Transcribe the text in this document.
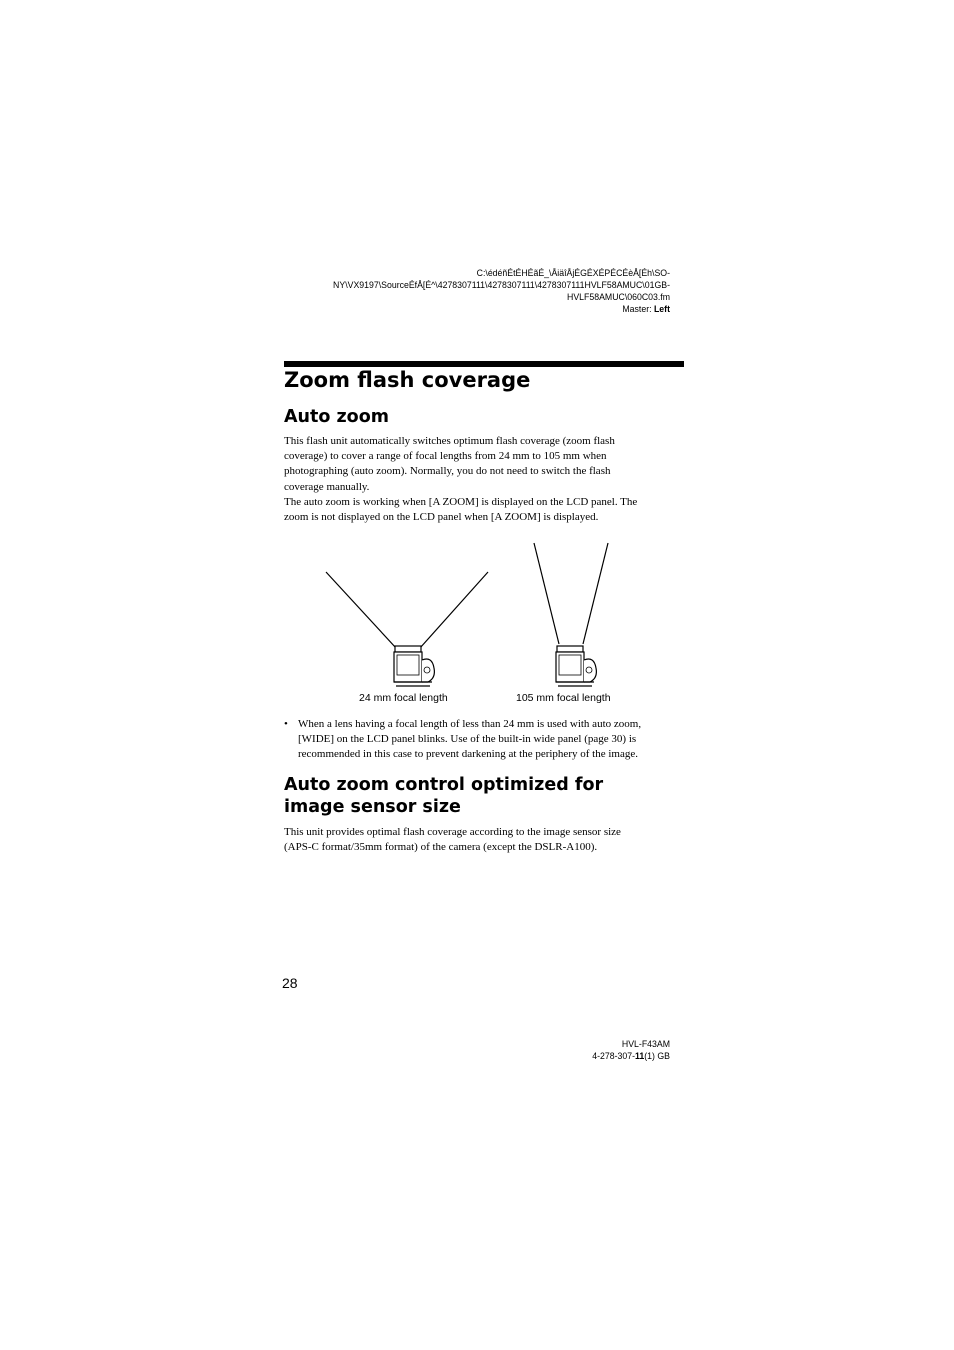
C:\édéñÉtÉHÉãÉ_\ÅiäîÅjÉGÉXÉPÉCÉèÅ[Éh\SO-
NY\VX9197\SourceÉfÅ[É^\4278307111\4278307111\4278307111HVLF58AMUC\01GB-
HVLF58AMUC\060C03.fm
Master: Left
Zoom flash coverage
Auto zoom
This flash unit automatically switches optimum flash coverage (zoom flash
coverage) to cover a range of focal lengths from 24 mm to 105 mm when
photographing (auto zoom). Normally, you do not need to switch the flash
coverage manually.
The auto zoom is working when [A ZOOM] is displayed on the LCD panel. The
zoom is not displayed on the LCD panel when [A ZOOM] is displayed.
24 mm focal length	105 mm focal length
• When a lens having a focal length of less than 24 mm is used with auto zoom,
[WIDE] on the LCD panel blinks. Use of the built-in wide panel (page 30) is
recommended in this case to prevent darkening at the periphery of the image.
Auto zoom control optimized for
image sensor size
This unit provides optimal flash coverage according to the image sensor size
(APS-C format/35mm format) of the camera (except the DSLR-A100).
28
HVL-F43AM
4-278-307-11(1) GB
